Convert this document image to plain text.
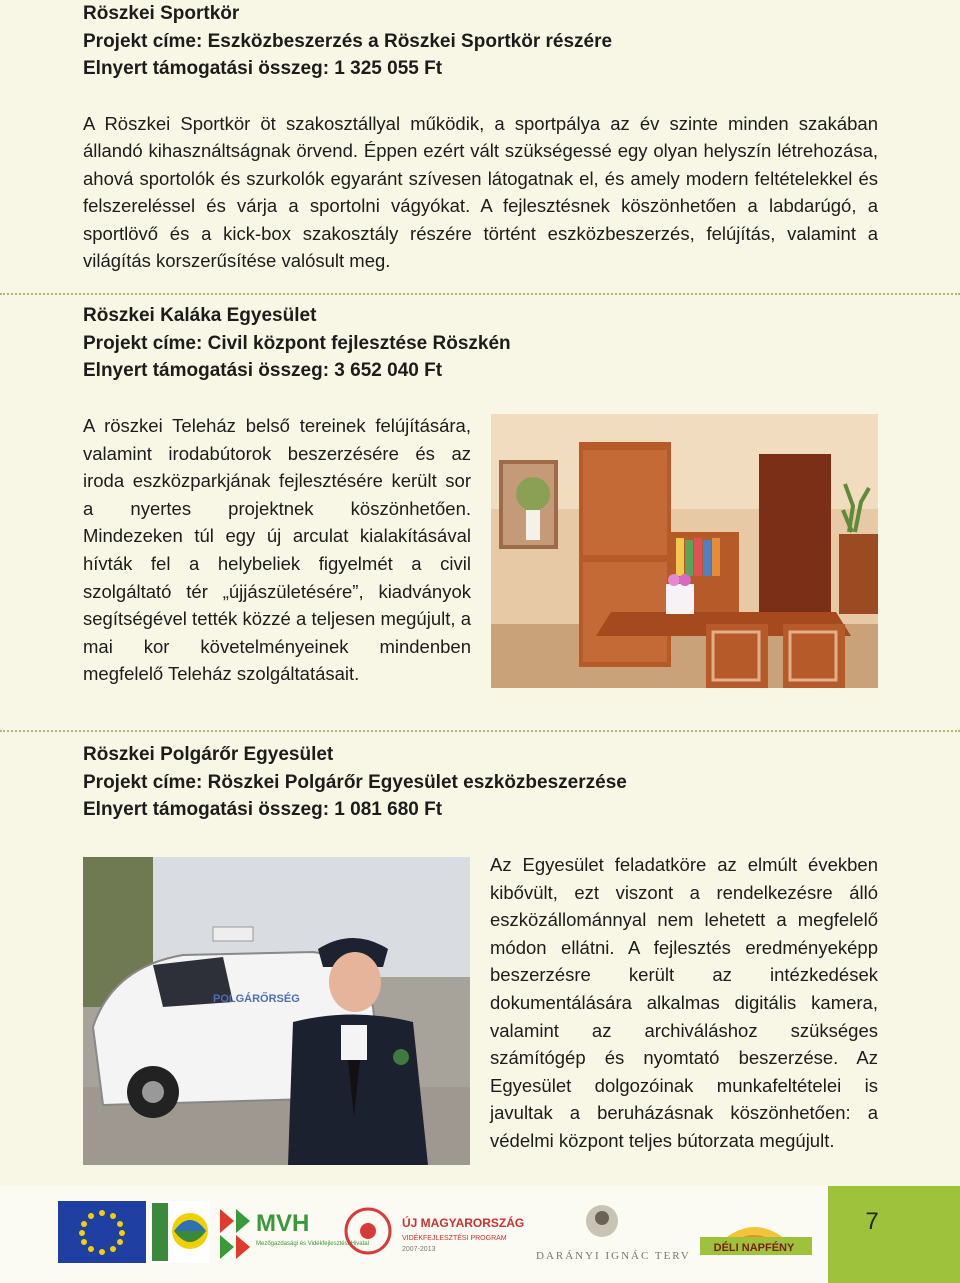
Röszkei Sportkör

Projekt címe: Eszközbeszerzés a Röszkei Sportkör részére

Elnyert támogatási összeg: 1 325 055 Ft

A Röszkei Sportkör öt szakosztállyal működik, a sportpálya az év szinte minden szakában állandó kihasználtságnak örvend. Éppen ezért vált szükségessé egy olyan helyszín létrehozása, ahová sportolók és szurkolók egyaránt szívesen látogatnak el, és amely modern feltételekkel és felszereléssel és várja a sportolni vágyókat. A fejlesztésnek köszönhetően a labdarúgó, a sportlövő és a kick-box szakosztály részére történt eszközbeszerzés, felújítás, valamint a világítás korszerűsítése valósult meg.

Röszkei Kaláka Egyesület

Projekt címe: Civil központ fejlesztése Röszkén

Elnyert támogatási összeg: 3 652 040 Ft

A röszkei Teleház belső tereinek felújítására, valamint irodabútorok beszerzésére és az iroda eszközparkjának fejlesztésére került sor a nyertes projektnek köszönhetően. Mindezeken túl egy új arculat kialakításával hívták fel a helybeliek figyelmét a civil szolgáltató tér „újjászületésére”, kiadványok segítségével tették közzé a teljesen megújult, a mai kor követelményeinek mindenben megfelelő Teleház szolgáltatásait.

Röszkei Polgárőr Egyesület

Projekt címe: Röszkei Polgárőr Egyesület eszközbeszerzése

Elnyert támogatási összeg: 1 081 680 Ft

POLGÁRŐRSÉG

Az Egyesület feladatköre az elmúlt években kibővült, ezt viszont a rendelkezésre álló eszközállománnyal nem lehetett a megfelelő módon ellátni. A fejlesztés eredményeképp beszerzésre került az intézkedések dokumentálására alkalmas digitális kamera, valamint az archiváláshoz szükséges számítógép és nyomtató beszerzése. Az Egyesület dolgozóinak munkafeltételei is javultak a beruházásnak köszönhetően: a védelmi központ teljes bútorzata megújult.

MVH
Mezőgazdasági és Vidékfejlesztési Hivatal
ÚJ MAGYARORSZÁG
VIDÉKFEJLESZTÉSI PROGRAM
2007-2013
DARÁNYI IGNÁC TERV
DÉLI NAPFÉNY
7
